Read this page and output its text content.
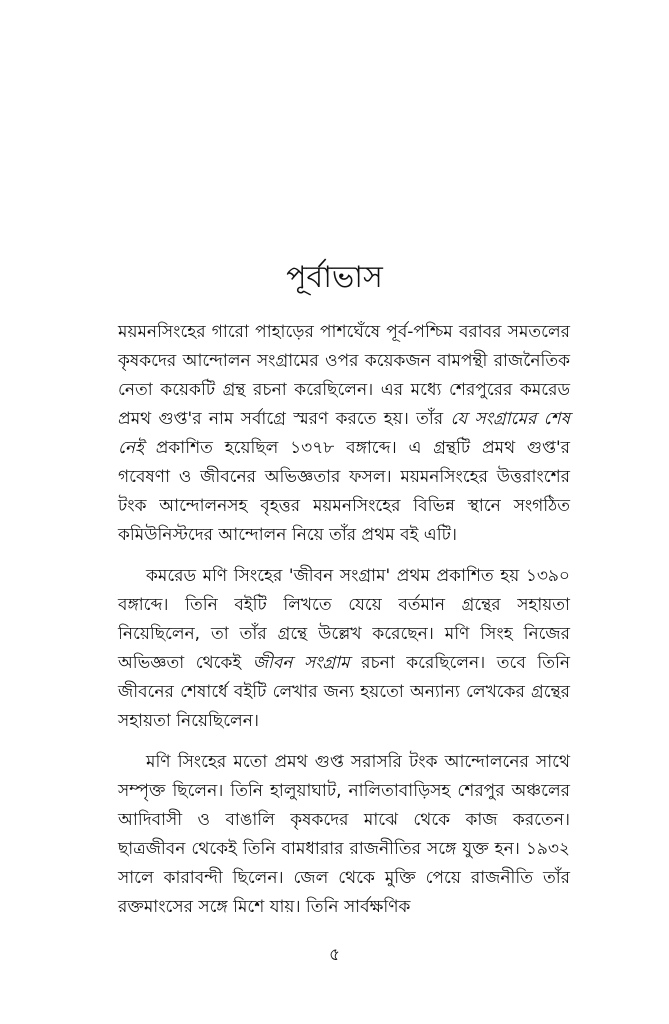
পূর্বাভাস

ময়মনসিংহের গারো পাহাড়ের পাশঘেঁষে পূর্ব-পশ্চিম বরাবর সমতলের কৃষকদের আন্দোলন সংগ্রামের ওপর কয়েকজন বামপন্থী রাজনৈতিক নেতা কয়েকটি গ্রন্থ রচনা করেছিলেন। এর মধ্যে শেরপুরের কমরেড প্রমথ গুপ্ত'র নাম সর্বাগ্রে স্মরণ করতে হয়। তাঁর যে সংগ্রামের শেষ নেই প্রকাশিত হয়েছিল ১৩৭৮ বঙ্গাব্দে। এ গ্রন্থটি প্রমথ গুপ্ত'র গবেষণা ও জীবনের অভিজ্ঞতার ফসল। ময়মনসিংহের উত্তরাংশের টংক আন্দোলনসহ বৃহত্তর ময়মনসিংহের বিভিন্ন স্থানে সংগঠিত কমিউনিস্টদের আন্দোলন নিয়ে তাঁর প্রথম বই এটি।

কমরেড মণি সিংহের 'জীবন সংগ্রাম' প্রথম প্রকাশিত হয় ১৩৯০ বঙ্গাব্দে। তিনি বইটি লিখতে যেয়ে বর্তমান গ্রন্থের সহায়তা নিয়েছিলেন, তা তাঁর গ্রন্থে উল্লেখ করেছেন। মণি সিংহ নিজের অভিজ্ঞতা থেকেই জীবন সংগ্রাম রচনা করেছিলেন। তবে তিনি জীবনের শেষার্ধে বইটি লেখার জন্য হয়তো অন্যান্য লেখকের গ্রন্থের সহায়তা নিয়েছিলেন।

মণি সিংহের মতো প্রমথ গুপ্ত সরাসরি টংক আন্দোলনের সাথে সম্পৃক্ত ছিলেন। তিনি হালুয়াঘাট, নালিতাবাড়িসহ শেরপুর অঞ্চলের আদিবাসী ও বাঙালি কৃষকদের মাঝে থেকে কাজ করতেন। ছাত্রজীবন থেকেই তিনি বামধারার রাজনীতির সঙ্গে যুক্ত হন। ১৯৩২ সালে কারাবন্দী ছিলেন। জেল থেকে মুক্তি পেয়ে রাজনীতি তাঁর রক্তমাংসের সঙ্গে মিশে যায়। তিনি সার্বক্ষণিক

৫
